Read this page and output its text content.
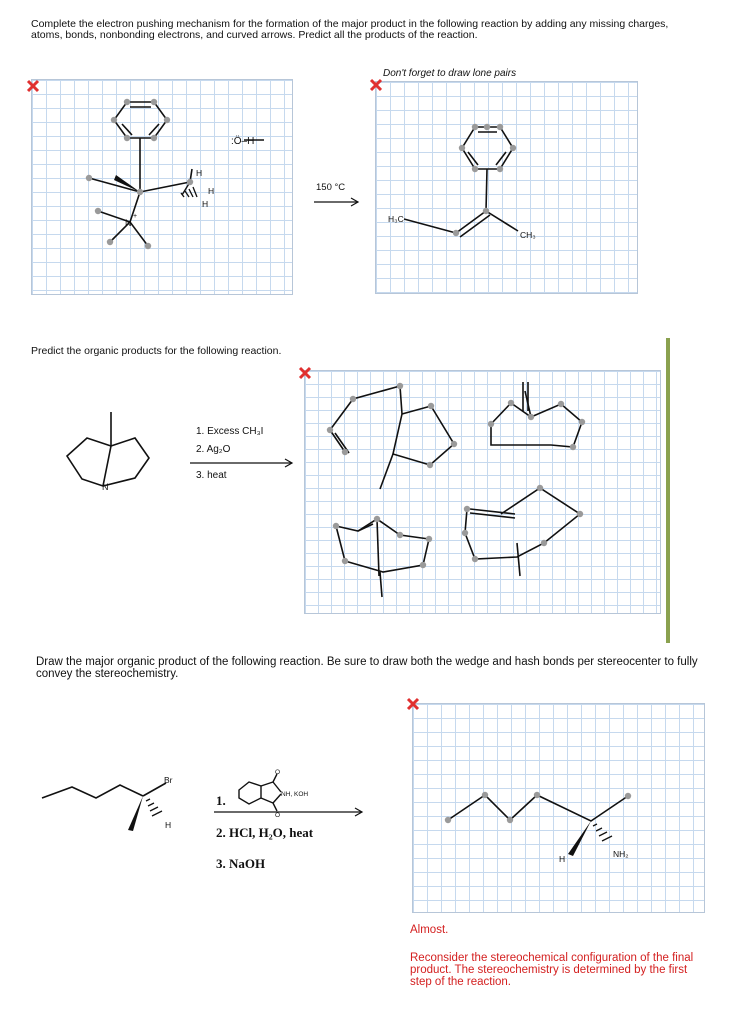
Complete the electron pushing mechanism for the formation of the major product in the following reaction by adding any missing charges, atoms, bonds, nonbonding electrons, and curved arrows. Predict all the products of the reaction.

:Ö–H
H
H
H
N
+
150 °C
Don't forget to draw lone pairs
H₃C
CH₃

Predict the organic products for the following reaction.

N
1. Excess CH₃I
2. Ag₂O
3. heat

Draw the major organic product of the following reaction. Be sure to draw both the wedge and hash bonds per stereocenter to fully convey the stereochemistry.

Br
H
O
O
NH, KOH
1.
2. HCl, H₂O, heat
3. NaOH	H	NH₂

Almost.

Reconsider the stereochemical configuration of the final product. The stereochemistry is determined by the first step of the reaction.
